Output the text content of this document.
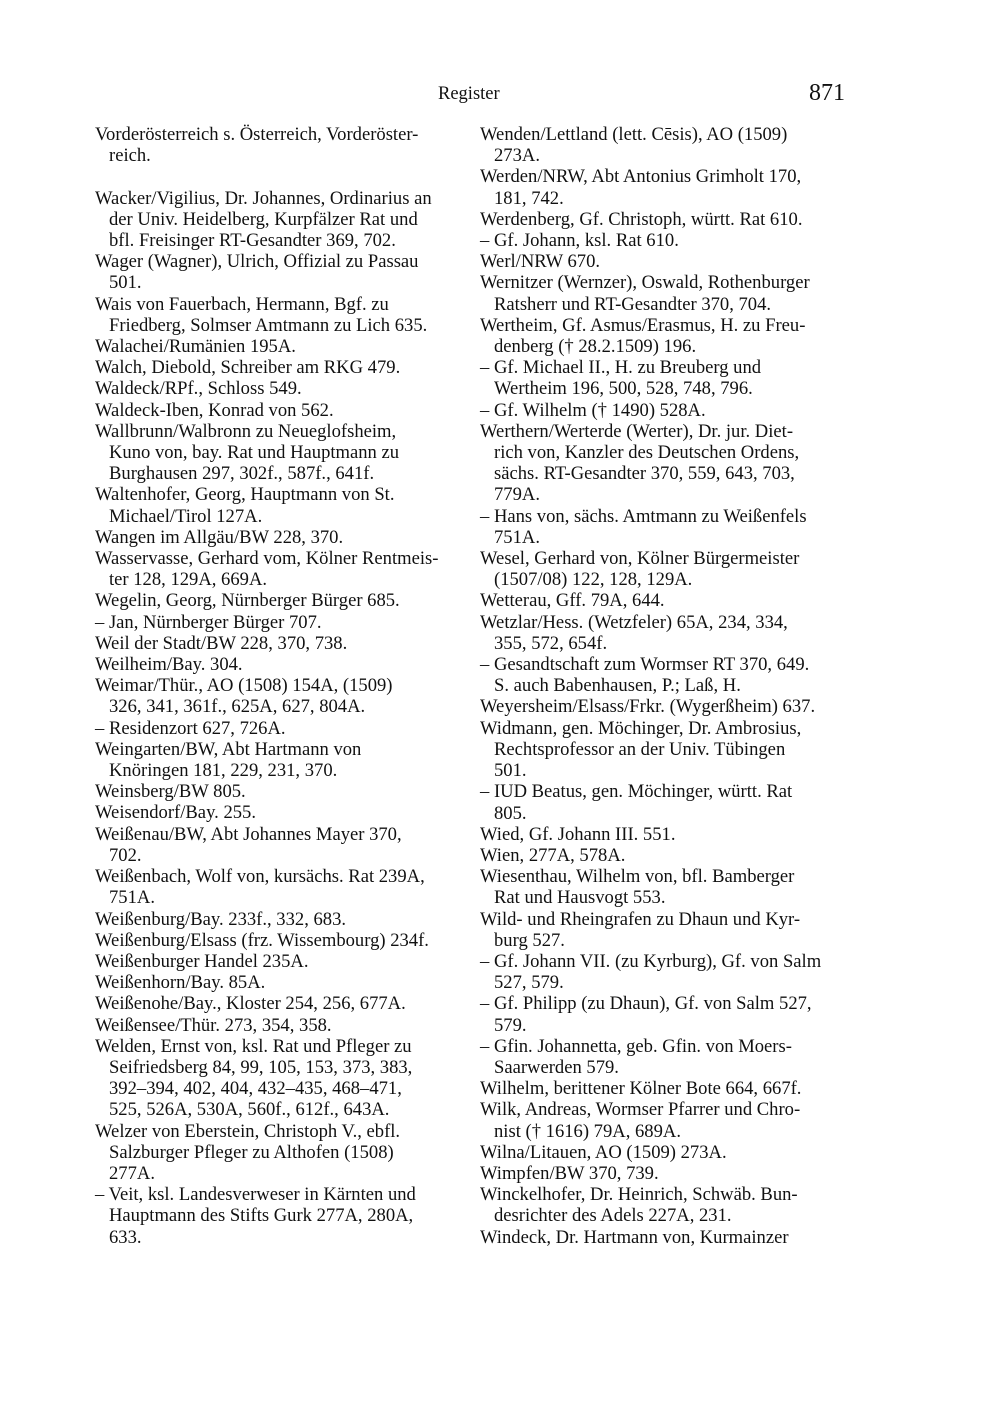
Register	871

Vorderösterreich s. Österreich, Vorderöster-
reich.

Wacker/Vigilius, Dr. Johannes, Ordinarius an
der Univ. Heidelberg, Kurpfälzer Rat und
bfl. Freisinger RT-Gesandter 369, 702.

Wager (Wagner), Ulrich, Offizial zu Passau
501.

Wais von Fauerbach, Hermann, Bgf. zu
Friedberg, Solmser Amtmann zu Lich 635.

Walachei/Rumänien 195A.

Walch, Diebold, Schreiber am RKG 479.

Waldeck/RPf., Schloss 549.

Waldeck-Iben, Konrad von 562.

Wallbrunn/Walbronn zu Neueglofsheim,
Kuno von, bay. Rat und Hauptmann zu
Burghausen 297, 302f., 587f., 641f.

Waltenhofer, Georg, Hauptmann von St.
Michael/Tirol 127A.

Wangen im Allgäu/BW 228, 370.

Wasservasse, Gerhard vom, Kölner Rentmeis-
ter 128, 129A, 669A.

Wegelin, Georg, Nürnberger Bürger 685.

– Jan, Nürnberger Bürger 707.

Weil der Stadt/BW 228, 370, 738.

Weilheim/Bay. 304.

Weimar/Thür., AO (1508) 154A, (1509)
326, 341, 361f., 625A, 627, 804A.

– Residenzort 627, 726A.

Weingarten/BW, Abt Hartmann von
Knöringen 181, 229, 231, 370.

Weinsberg/BW 805.

Weisendorf/Bay. 255.

Weißenau/BW, Abt Johannes Mayer 370,
702.

Weißenbach, Wolf von, kursächs. Rat 239A,
751A.

Weißenburg/Bay. 233f., 332, 683.

Weißenburg/Elsass (frz. Wissembourg) 234f.

Weißenburger Handel 235A.

Weißenhorn/Bay. 85A.

Weißenohe/Bay., Kloster 254, 256, 677A.

Weißensee/Thür. 273, 354, 358.

Welden, Ernst von, ksl. Rat und Pfleger zu
Seifriedsberg 84, 99, 105, 153, 373, 383,
392–394, 402, 404, 432–435, 468–471,
525, 526A, 530A, 560f., 612f., 643A.

Welzer von Eberstein, Christoph V., ebfl.
Salzburger Pfleger zu Althofen (1508)
277A.

– Veit, ksl. Landesverweser in Kärnten und
Hauptmann des Stifts Gurk 277A, 280A,
633.

Wenden/Lettland (lett. Cēsis), AO (1509)
273A.

Werden/NRW, Abt Antonius Grimholt 170,
181, 742.

Werdenberg, Gf. Christoph, württ. Rat 610.

– Gf. Johann, ksl. Rat 610.

Werl/NRW 670.

Wernitzer (Wernzer), Oswald, Rothenburger
Ratsherr und RT-Gesandter 370, 704.

Wertheim, Gf. Asmus/Erasmus, H. zu Freu-
denberg († 28.2.1509) 196.

– Gf. Michael II., H. zu Breuberg und
Wertheim 196, 500, 528, 748, 796.

– Gf. Wilhelm († 1490) 528A.

Werthern/Werterde (Werter), Dr. jur. Diet-
rich von, Kanzler des Deutschen Ordens,
sächs. RT-Gesandter 370, 559, 643, 703,
779A.

– Hans von, sächs. Amtmann zu Weißenfels
751A.

Wesel, Gerhard von, Kölner Bürgermeister
(1507/08) 122, 128, 129A.

Wetterau, Gff. 79A, 644.

Wetzlar/Hess. (Wetzfeler) 65A, 234, 334,
355, 572, 654f.

– Gesandtschaft zum Wormser RT 370, 649.
S. auch Babenhausen, P.; Laß, H.

Weyersheim/Elsass/Frkr. (Wygerßheim) 637.

Widmann, gen. Möchinger, Dr. Ambrosius,
Rechtsprofessor an der Univ. Tübingen
501.

– IUD Beatus, gen. Möchinger, württ. Rat
805.

Wied, Gf. Johann III. 551.

Wien, 277A, 578A.

Wiesenthau, Wilhelm von, bfl. Bamberger
Rat und Hausvogt 553.

Wild- und Rheingrafen zu Dhaun und Kyr-
burg 527.

– Gf. Johann VII. (zu Kyrburg), Gf. von Salm
527, 579.

– Gf. Philipp (zu Dhaun), Gf. von Salm 527,
579.

– Gfin. Johannetta, geb. Gfin. von Moers-
Saarwerden 579.

Wilhelm, berittener Kölner Bote 664, 667f.

Wilk, Andreas, Wormser Pfarrer und Chro-
nist († 1616) 79A, 689A.

Wilna/Litauen, AO (1509) 273A.

Wimpfen/BW 370, 739.

Winckelhofer, Dr. Heinrich, Schwäb. Bun-
desrichter des Adels 227A, 231.

Windeck, Dr. Hartmann von, Kurmainzer
